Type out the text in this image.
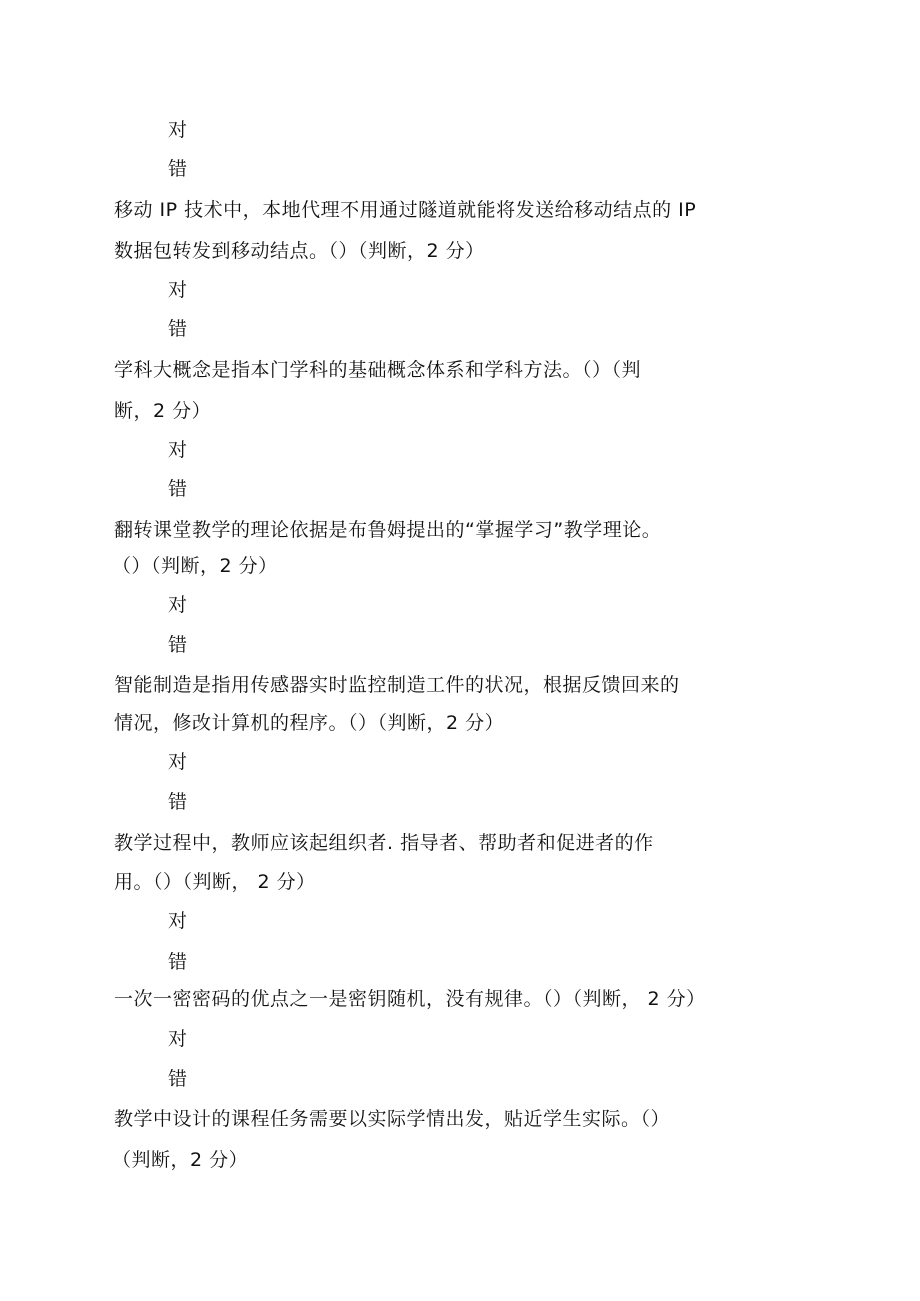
对
错
移动 IP 技术中，本地代理不用通过隧道就能将发送给移动结点的 IP
数据包转发到移动结点。（）（判断，2 分）
对
错
学科大概念是指本门学科的基础概念体系和学科方法。（）（判
断，2 分）
对
错
翻转课堂教学的理论依据是布鲁姆提出的“掌握学习”教学理论。
（）（判断，2 分）
对
错
智能制造是指用传感器实时监控制造工件的状况，根据反馈回来的
情况，修改计算机的程序。（）（判断，2 分）
对
错
教学过程中，教师应该起组织者. 指导者、帮助者和促进者的作
用。（）（判断， 2 分）
对
错
一次一密密码的优点之一是密钥随机，没有规律。（）（判断， 2 分）
对
错
教学中设计的课程任务需要以实际学情出发，贴近学生实际。（）
（判断，2 分）
